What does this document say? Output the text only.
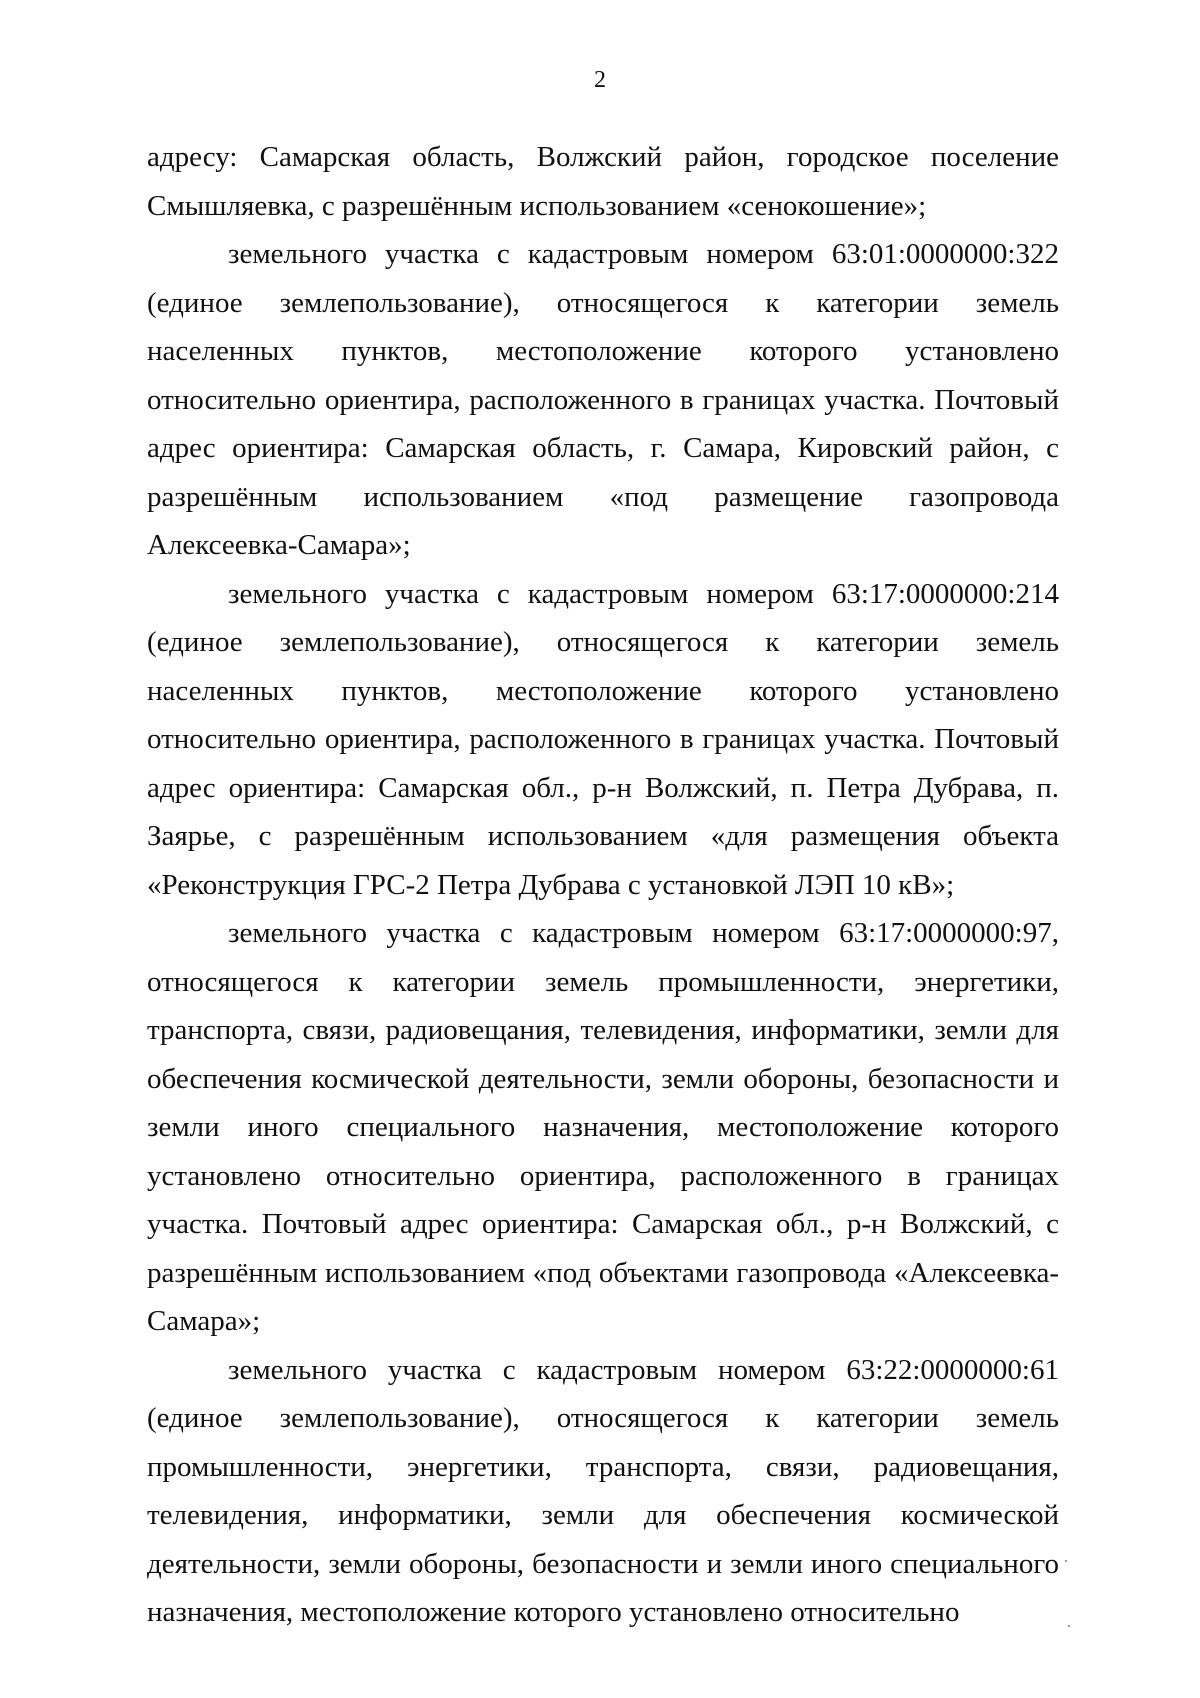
2

адресу: Самарская область, Волжский район, городское поселение Смышляевка, с разрешённым использованием «сенокошение»;

земельного участка с кадастровым номером 63:01:0000000:322 (единое землепользование), относящегося к категории земель населенных пунктов, местоположение которого установлено относительно ориентира, расположенного в границах участка. Почтовый адрес ориентира: Самарская область, г. Самара, Кировский район, с разрешённым использованием «под размещение газопровода Алексеевка-Самара»;

земельного участка с кадастровым номером 63:17:0000000:214 (единое землепользование), относящегося к категории земель населенных пунктов, местоположение которого установлено относительно ориентира, расположенного в границах участка. Почтовый адрес ориентира: Самарская обл., р-н Волжский, п. Петра Дубрава, п. Заярье, с разрешённым использованием «для размещения объекта «Реконструкция ГРС-2 Петра Дубрава с установкой ЛЭП 10 кВ»;

земельного участка с кадастровым номером 63:17:0000000:97, относящегося к категории земель промышленности, энергетики, транспорта, связи, радиовещания, телевидения, информатики, земли для обеспечения космической деятельности, земли обороны, безопасности и земли иного специального назначения, местоположение которого установлено относительно ориентира, расположенного в границах участка. Почтовый адрес ориентира: Самарская обл., р-н Волжский, с разрешённым использованием «под объектами газопровода «Алексеевка-Самара»;

земельного участка с кадастровым номером 63:22:0000000:61 (единое землепользование), относящегося к категории земель промышленности, энергетики, транспорта, связи, радиовещания, телевидения, информатики, земли для обеспечения космической деятельности, земли обороны, безопасности и земли иного специального назначения, местоположение которого установлено относительно
